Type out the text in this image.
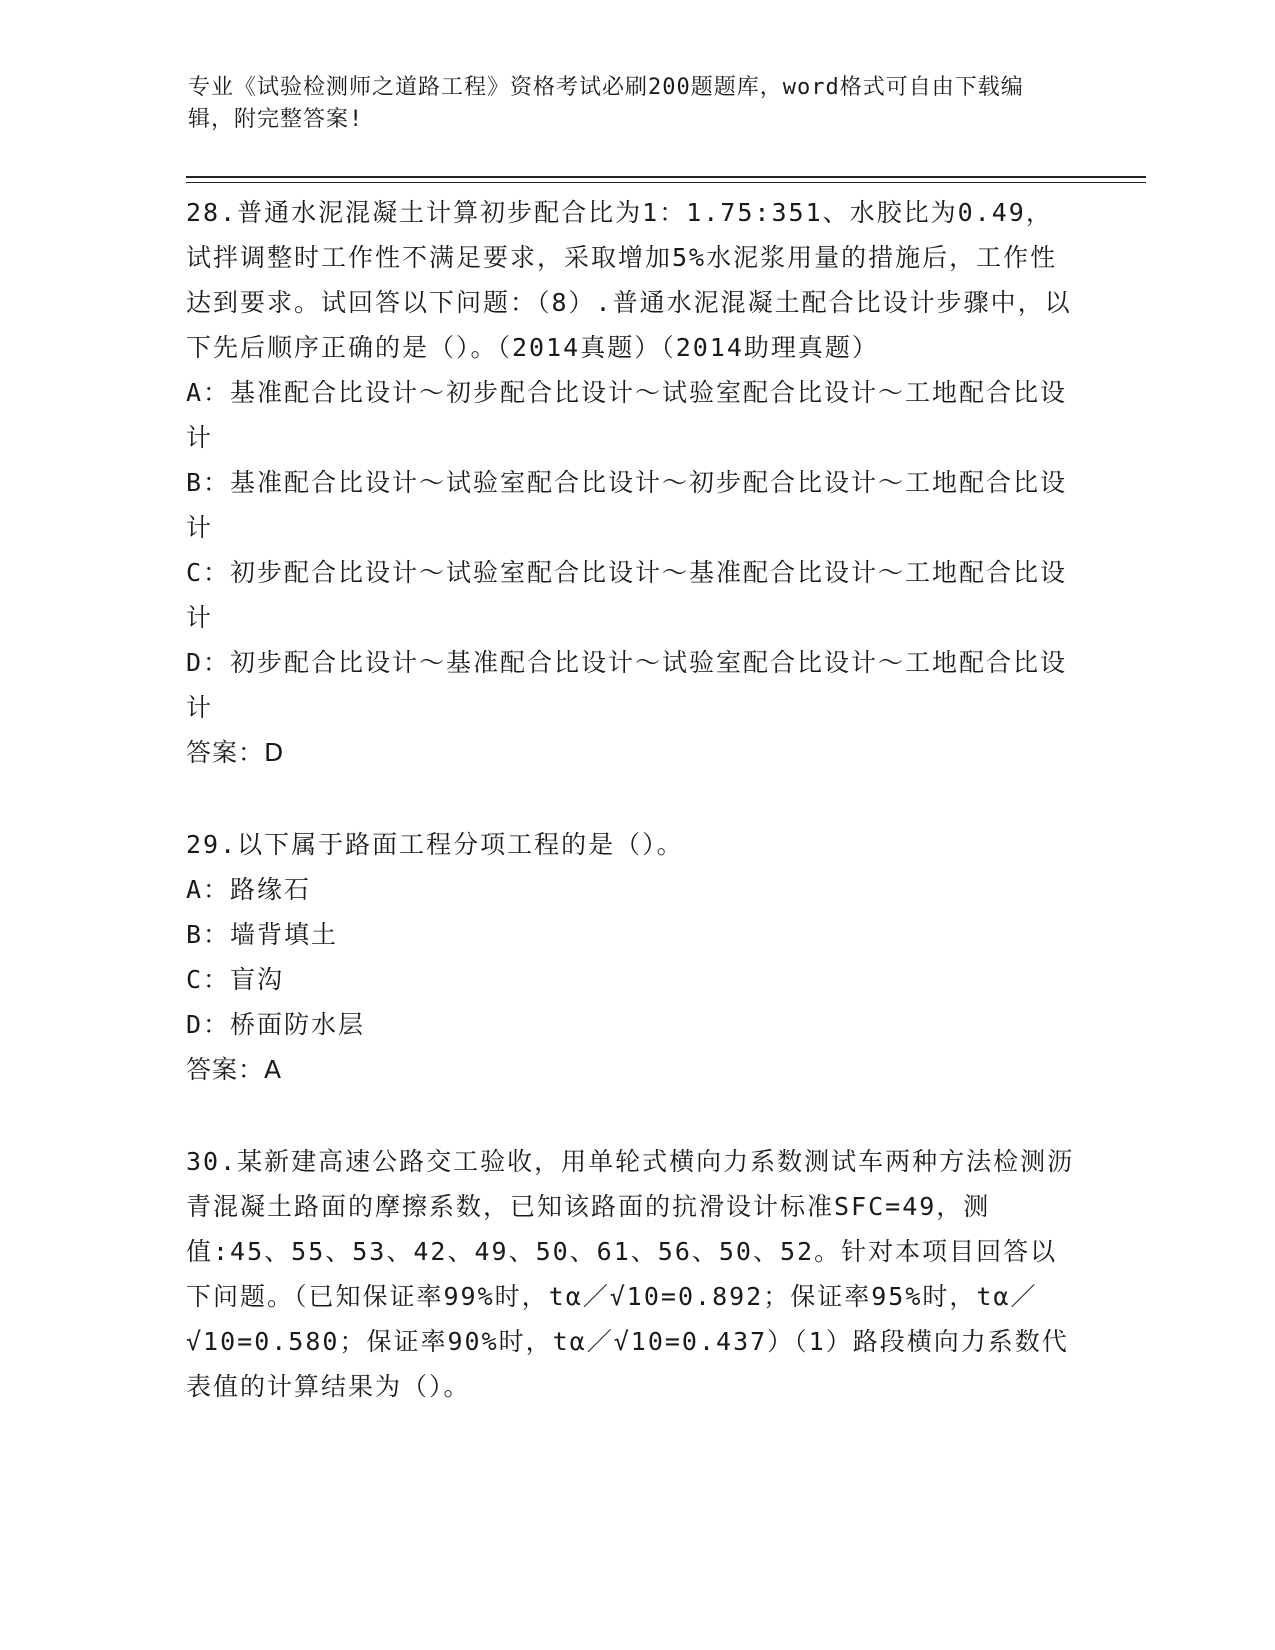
专业《试验检测师之道路工程》资格考试必刷200题题库，word格式可自由下载编辑，附完整答案!

28.普通水泥混凝土计算初步配合比为1：1.75:351、水胶比为0.49，试拌调整时工作性不满足要求，采取增加5%水泥浆用量的措施后，工作性达到要求。试回答以下问题：（8）.普通水泥混凝土配合比设计步骤中，以下先后顺序正确的是（）。（2014真题）（2014助理真题）

A：基准配合比设计～初步配合比设计～试验室配合比设计～工地配合比设计

B：基准配合比设计～试验室配合比设计～初步配合比设计～工地配合比设计

C：初步配合比设计～试验室配合比设计～基准配合比设计～工地配合比设计

D：初步配合比设计～基准配合比设计～试验室配合比设计～工地配合比设计

答案：D

29.以下属于路面工程分项工程的是（）。

A：路缘石

B：墙背填土

C：盲沟

D：桥面防水层

答案：A

30.某新建高速公路交工验收，用单轮式横向力系数测试车两种方法检测沥青混凝土路面的摩擦系数，已知该路面的抗滑设计标准SFC=49，测值:45、55、53、42、49、50、61、56、50、52。针对本项目回答以下问题。（已知保证率99%时，tα／√10=0.892；保证率95%时，tα／√10=0.580；保证率90%时，tα／√10=0.437）（1）路段横向力系数代表值的计算结果为（）。
